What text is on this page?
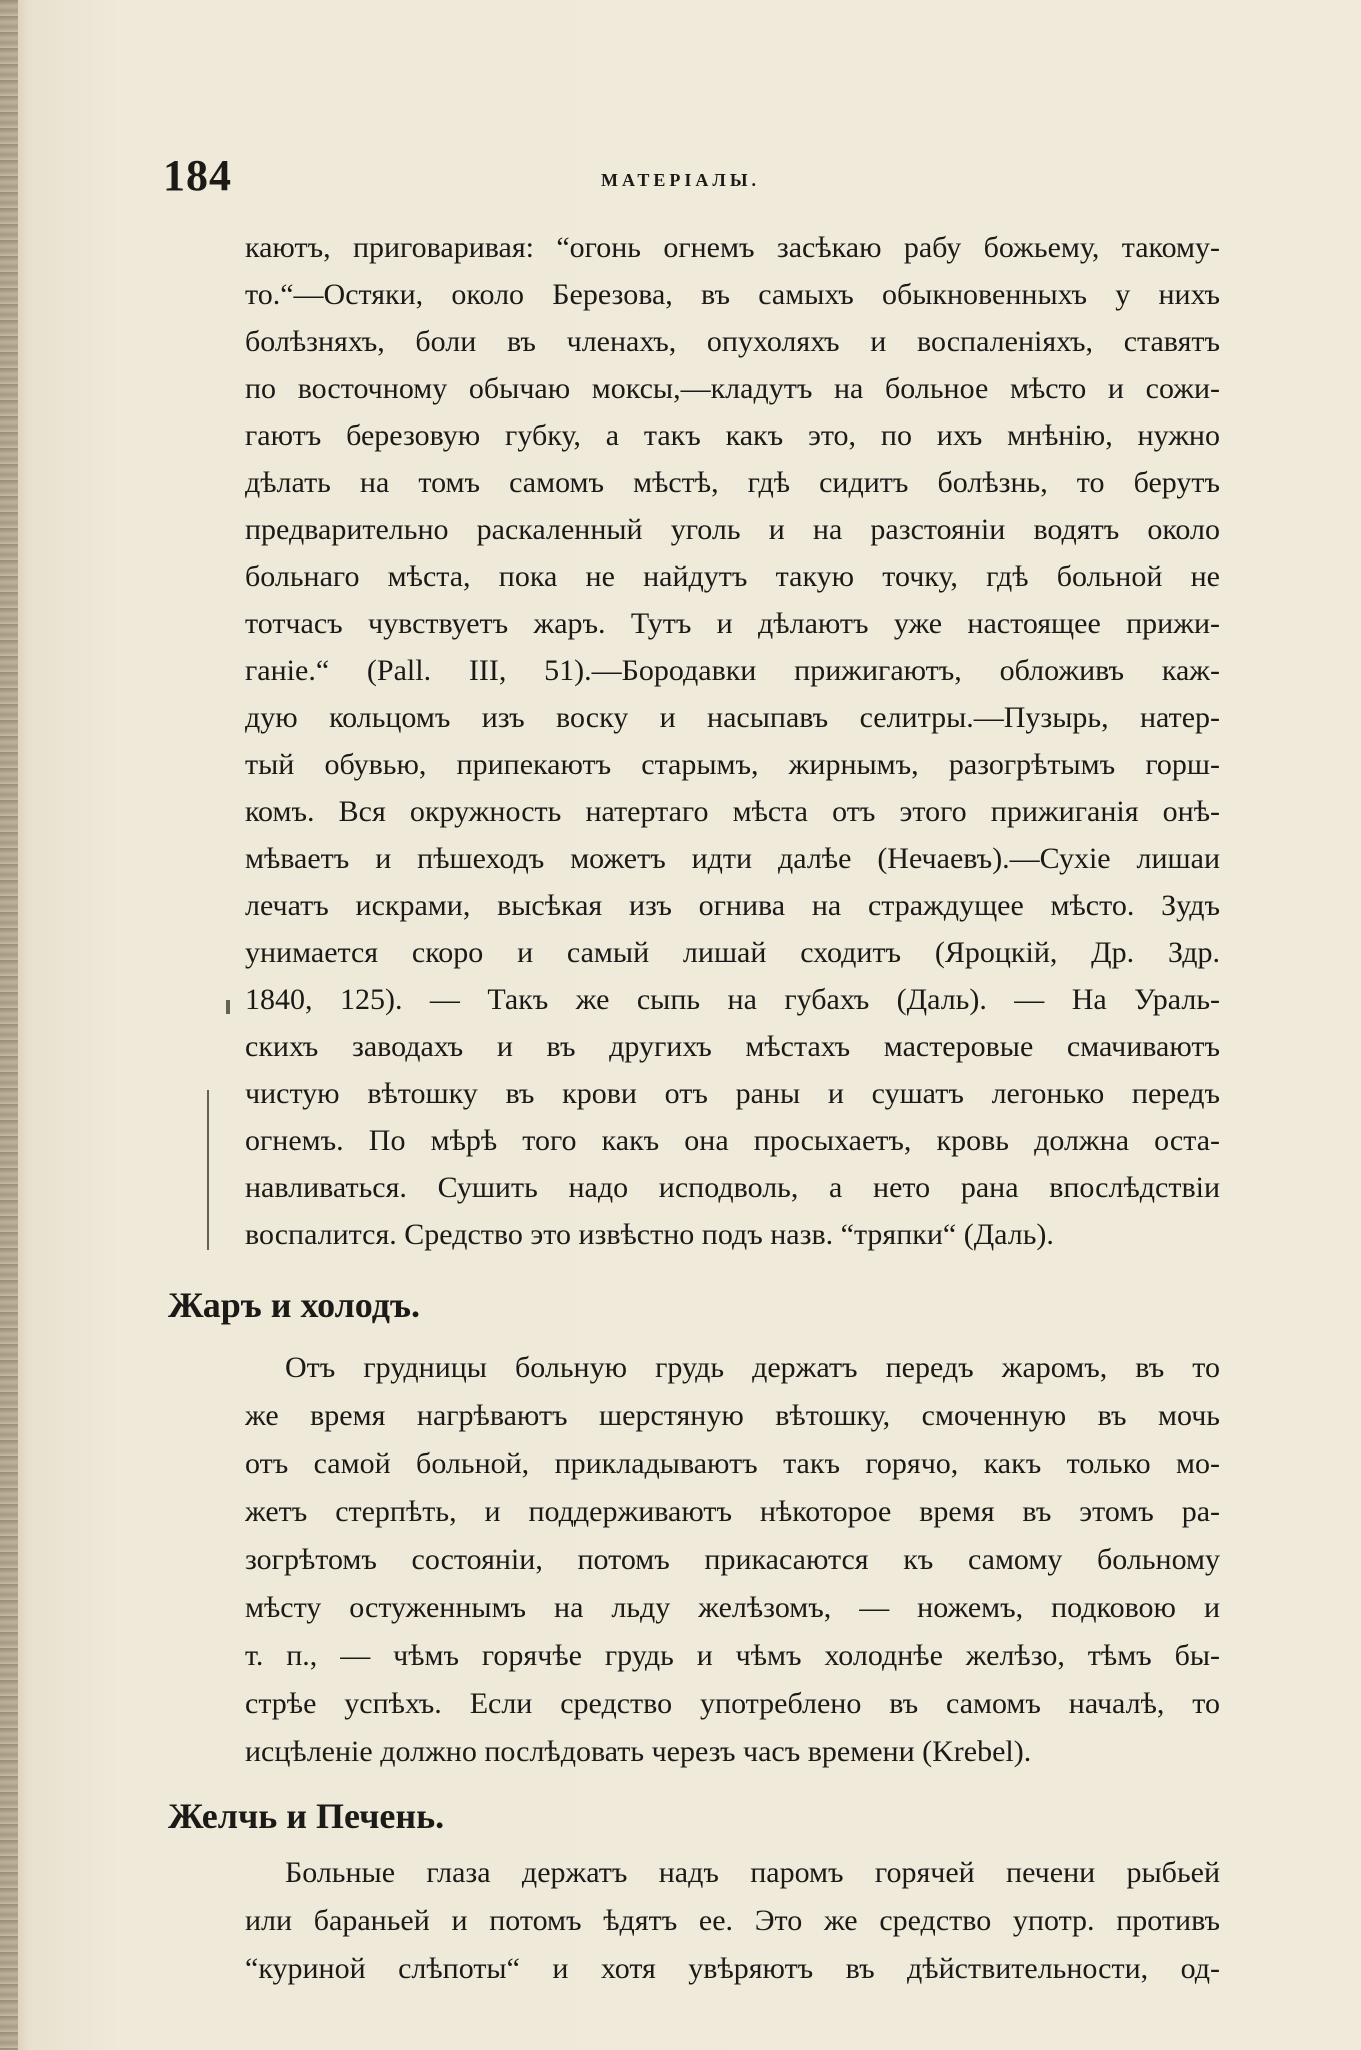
184	МАТЕРІАЛЫ.
каютъ, приговаривая: “огонь огнемъ засѣкаю рабу божьему, такому-
то.“—Остяки, около Березова, въ самыхъ обыкновенныхъ у нихъ
болѣзняхъ, боли въ членахъ, опухоляхъ и воспаленіяхъ, ставятъ
по восточному обычаю моксы,—кладутъ на больное мѣсто и сожи-
гаютъ березовую губку, а такъ какъ это, по ихъ мнѣнію, нужно
дѣлать на томъ самомъ мѣстѣ, гдѣ сидитъ болѣзнь, то берутъ
предварительно раскаленный уголь и на разстояніи водятъ около
больнаго мѣста, пока не найдутъ такую точку, гдѣ больной не
тотчасъ чувствуетъ жаръ. Тутъ и дѣлаютъ уже настоящее прижи-
ганіе.“ (Pall. III, 51).—Бородавки прижигаютъ, обложивъ каж-
дую кольцомъ изъ воску и насыпавъ селитры.—Пузырь, натер-
тый обувью, припекаютъ старымъ, жирнымъ, разогрѣтымъ горш-
комъ. Вся окружность натертаго мѣста отъ этого прижиганія онѣ-
мѣваетъ и пѣшеходъ можетъ идти далѣе (Нечаевъ).—Сухіе лишаи
лечатъ искрами, высѣкая изъ огнива на страждущее мѣсто. Зудъ
унимается скоро и самый лишай сходитъ (Яроцкій, Др. Здр.
1840, 125). — Такъ же сыпь на губахъ (Даль). — На Ураль-
скихъ заводахъ и въ другихъ мѣстахъ мастеровые смачиваютъ
чистую вѣтошку въ крови отъ раны и сушатъ легонько передъ
огнемъ. По мѣрѣ того какъ она просыхаетъ, кровь должна оста-
навливаться. Сушить надо исподволь, а нето рана впослѣдствіи
воспалится. Средство это извѣстно подъ назв. “тряпки“ (Даль).
Жаръ и холодъ.
Отъ грудницы больную грудь держатъ передъ жаромъ, въ то
же время нагрѣваютъ шерстяную вѣтошку, смоченную въ мочь
отъ самой больной, прикладываютъ такъ горячо, какъ только мо-
жетъ стерпѣть, и поддерживаютъ нѣкоторое время въ этомъ ра-
зогрѣтомъ состояніи, потомъ прикасаются къ самому больному
мѣсту остуженнымъ на льду желѣзомъ, — ножемъ, подковою и
т. п., — чѣмъ горячѣе грудь и чѣмъ холоднѣе желѣзо, тѣмъ бы-
стрѣе успѣхъ. Если средство употреблено въ самомъ началѣ, то
исцѣленіе должно послѣдовать черезъ часъ времени (Krebel).
Желчь и Печень.
Больные глаза держатъ надъ паромъ горячей печени рыбьей
или бараньей и потомъ ѣдятъ ее. Это же средство употр. противъ
“куриной слѣпоты“ и хотя увѣряютъ въ дѣйствительности, од-
